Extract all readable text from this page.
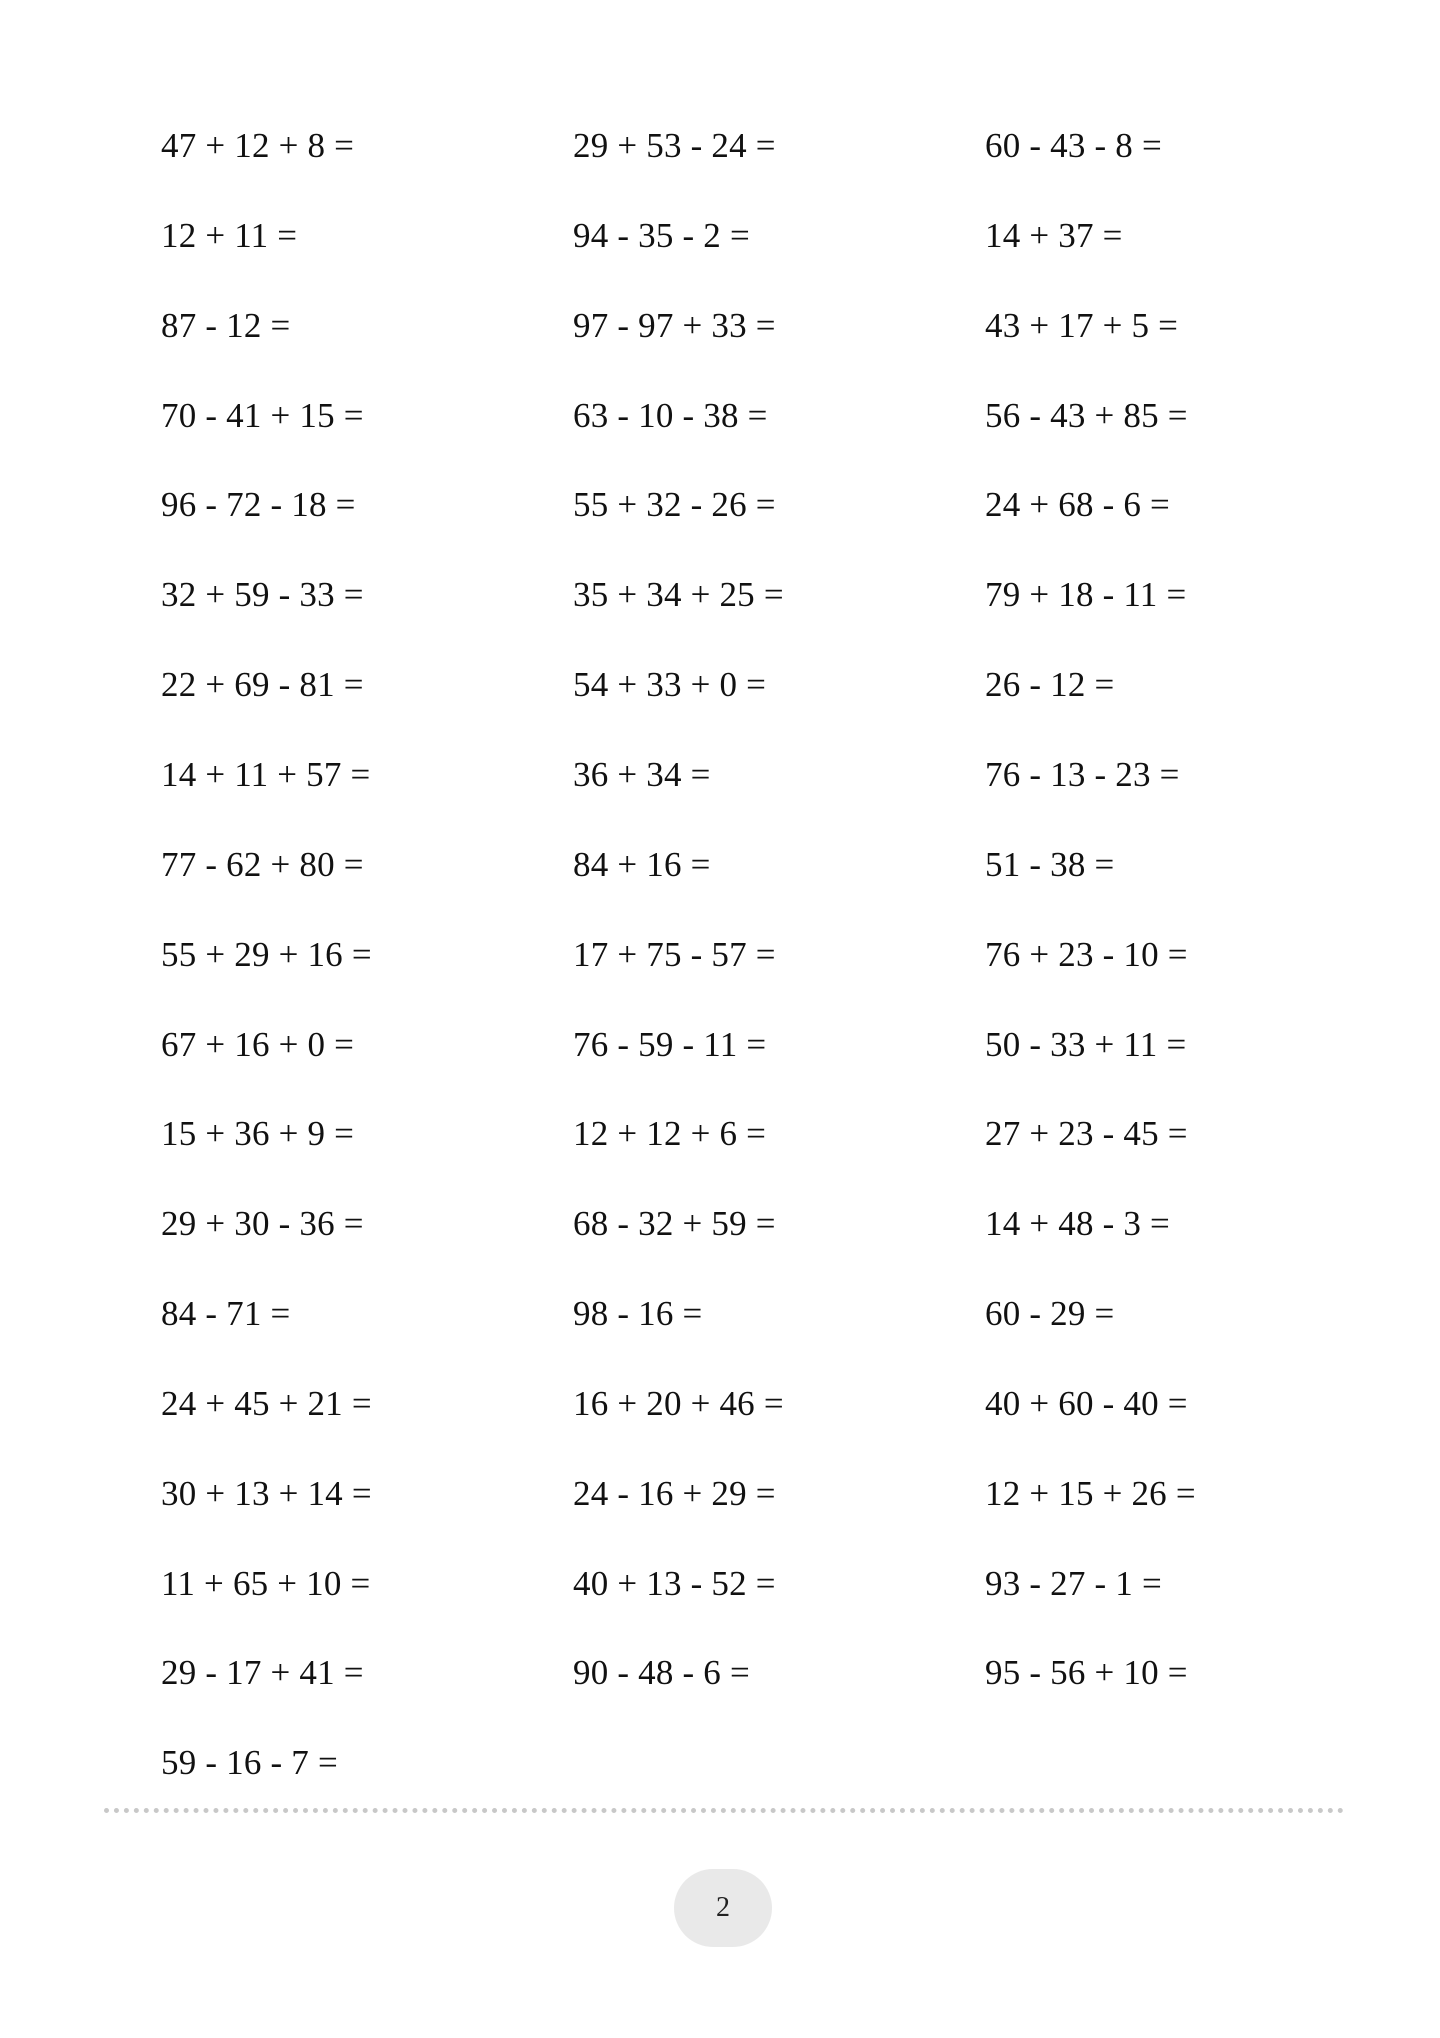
47 + 12 + 8 =	29 + 53 - 24 =	60 - 43 - 8 =
12 + 11 =	94 - 35 - 2 =	14 + 37 =
87 - 12 =	97 - 97 + 33 =	43 + 17 + 5 =
70 - 41 + 15 =	63 - 10 - 38 =	56 - 43 + 85 =
96 - 72 - 18 =	55 + 32 - 26 =	24 + 68 - 6 =
32 + 59 - 33 =	35 + 34 + 25 =	79 + 18 - 11 =
22 + 69 - 81 =	54 + 33 + 0 =	26 - 12 =
14 + 11 + 57 =	36 + 34 =	76 - 13 - 23 =
77 - 62 + 80 =	84 + 16 =	51 - 38 =
55 + 29 + 16 =	17 + 75 - 57 =	76 + 23 - 10 =
67 + 16 + 0 =	76 - 59 - 11 =	50 - 33 + 11 =
15 + 36 + 9 =	12 + 12 + 6 =	27 + 23 - 45 =
29 + 30 - 36 =	68 - 32 + 59 =	14 + 48 - 3 =
84 - 71 =	98 - 16 =	60 - 29 =
24 + 45 + 21 =	16 + 20 + 46 =	40 + 60 - 40 =
30 + 13 + 14 =	24 - 16 + 29 =	12 + 15 + 26 =
11 + 65 + 10 =	40 + 13 - 52 =	93 - 27 - 1 =
29 - 17 + 41 =	90 - 48 - 6 =	95 - 56 + 10 =
59 - 16 - 7 =
2
